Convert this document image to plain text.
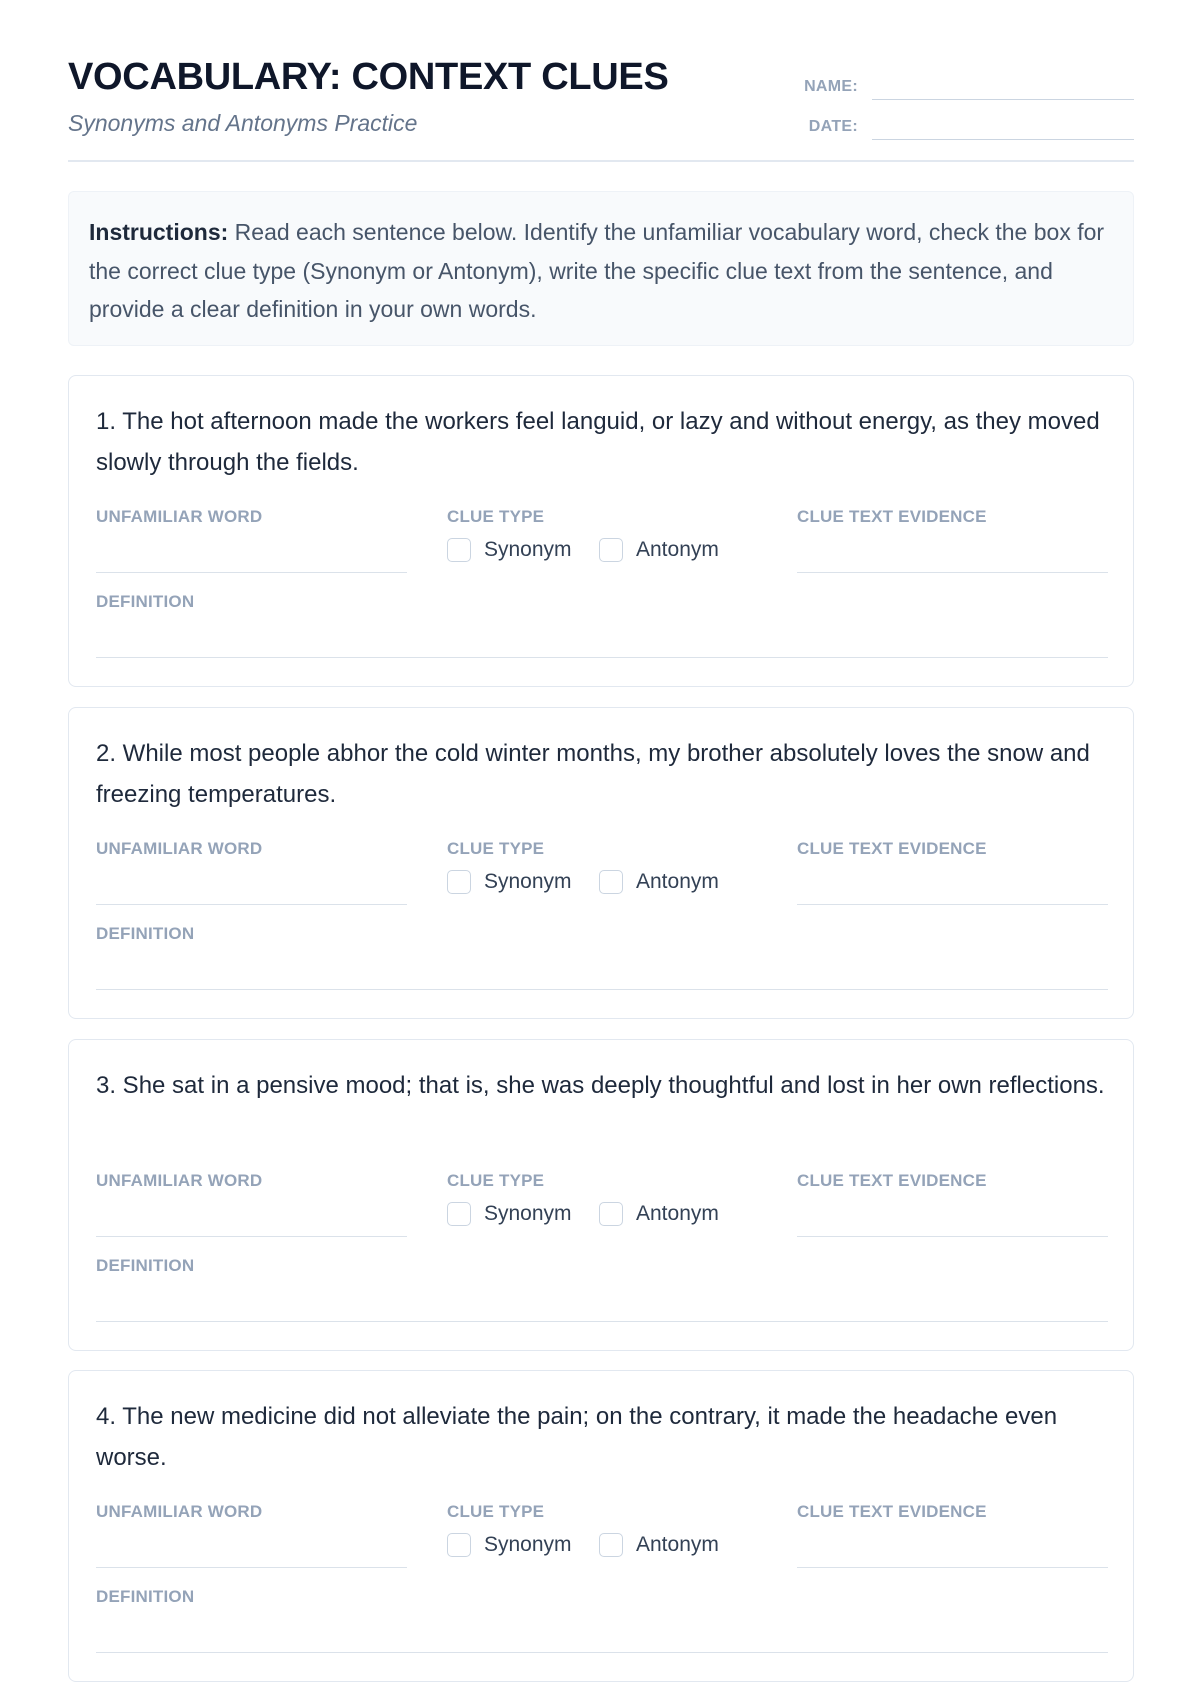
VOCABULARY: CONTEXT CLUES
Synonyms and Antonyms Practice
NAME:
DATE:
Instructions: Read each sentence below. Identify the unfamiliar vocabulary word, check the box for the correct clue type (Synonym or Antonym), write the specific clue text from the sentence, and provide a clear definition in your own words.

1. The hot afternoon made the workers feel languid, or lazy and without energy, as they moved slowly through the fields.

UNFAMILIAR WORD	CLUE TYPE	CLUE TEXT EVIDENCE
Synonym	Antonym
DEFINITION

2. While most people abhor the cold winter months, my brother absolutely loves the snow and freezing temperatures.

UNFAMILIAR WORD	CLUE TYPE	CLUE TEXT EVIDENCE
Synonym	Antonym
DEFINITION

3. She sat in a pensive mood; that is, she was deeply thoughtful and lost in her own reflections.

UNFAMILIAR WORD	CLUE TYPE	CLUE TEXT EVIDENCE
Synonym	Antonym
DEFINITION

4. The new medicine did not alleviate the pain; on the contrary, it made the headache even worse.

UNFAMILIAR WORD	CLUE TYPE	CLUE TEXT EVIDENCE
Synonym	Antonym
DEFINITION
